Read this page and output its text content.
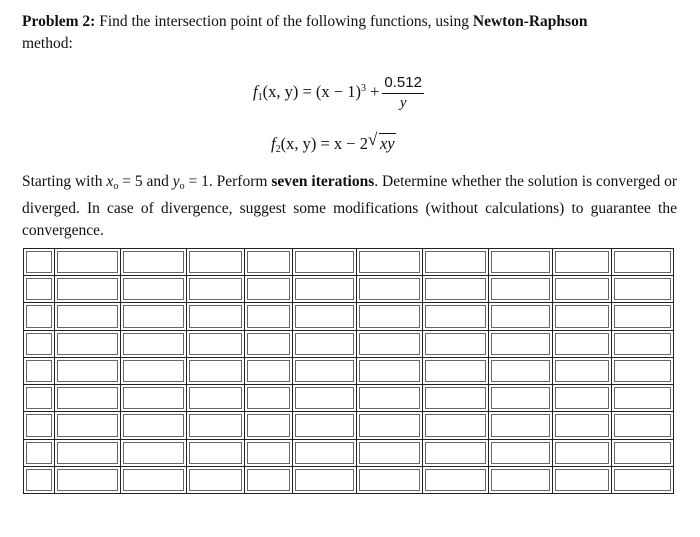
Problem 2: Find the intersection point of the following functions, using Newton-Raphson
method:
$f_1(x$, $y) = (x - 1)^3 + \frac{0.512}{y}$
$f_2(x$, y) = x − 2 √ xy
Starting with $x_o = 5$ and $y_o = 1$. Perform seven iterations. Determine whether the solution is converged or diverged. In case of divergence, suggest some modifications (without calculations) to guarantee the convergence.
